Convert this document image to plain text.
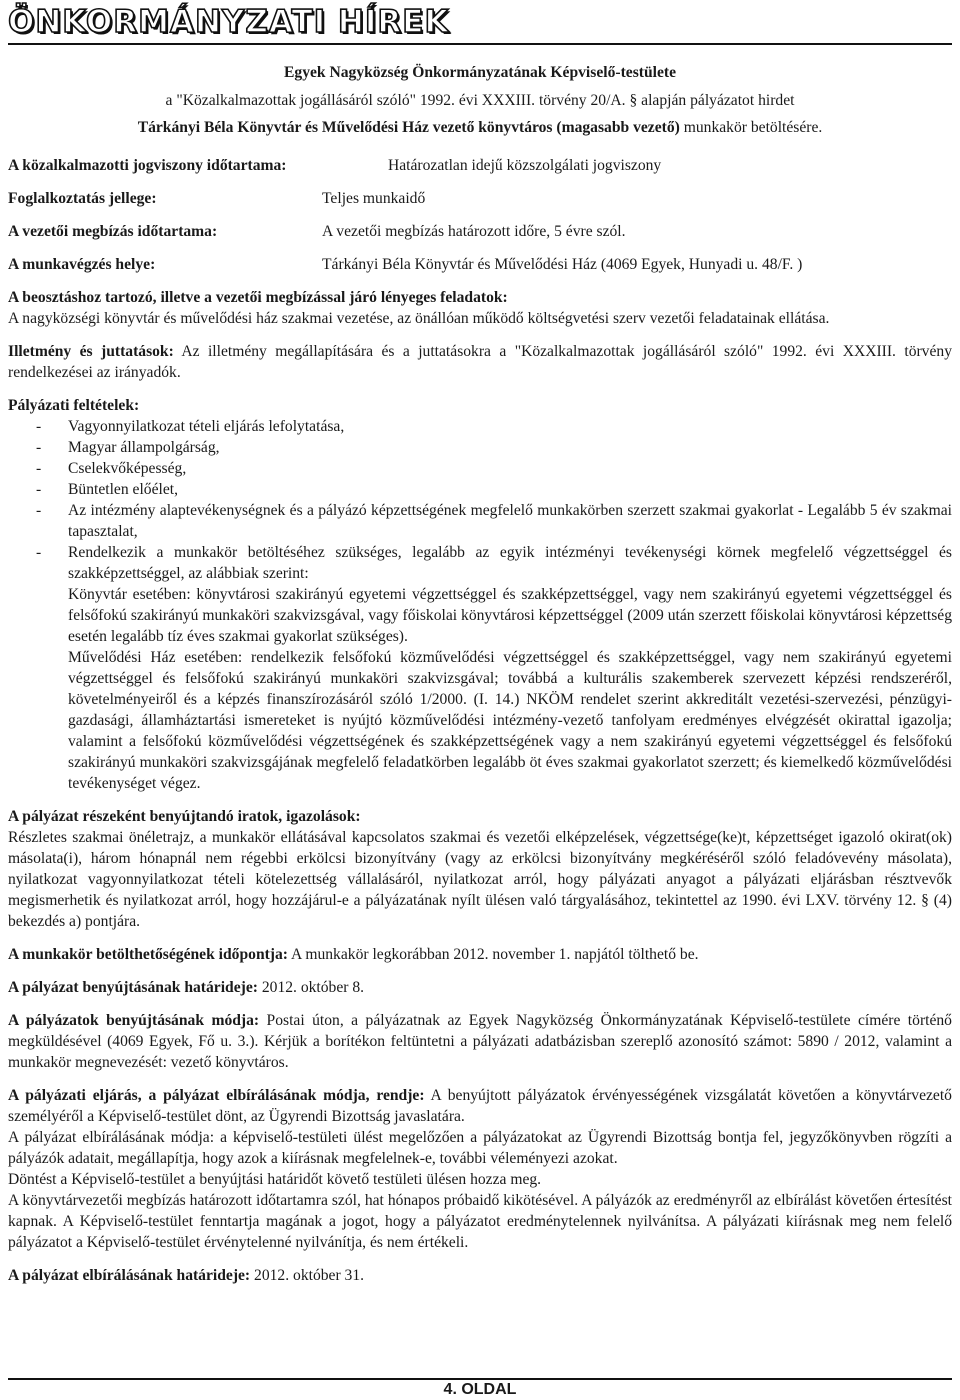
ÖNKORMÁNYZATI HÍREK

Egyek Nagyközség Önkormányzatának Képviselő-testülete

a "Közalkalmazottak jogállásáról szóló" 1992. évi XXXIII. törvény 20/A. § alapján pályázatot hirdet

Tárkányi Béla Könyvtár és Művelődési Ház vezető könyvtáros (magasabb vezető) munkakör betöltésére.

A közalkalmazotti jogviszony időtartama:	Határozatlan idejű közszolgálati jogviszony
Foglalkoztatás jellege:	Teljes munkaidő
A vezetői megbízás időtartama:	A vezetői megbízás határozott időre, 5 évre szól.
A munkavégzés helye:	Tárkányi Béla Könyvtár és Művelődési Ház (4069 Egyek, Hunyadi u. 48/F. )

A beosztáshoz tartozó, illetve a vezetői megbízással járó lényeges feladatok:

A nagyközségi könyvtár és művelődési ház szakmai vezetése, az önállóan működő költségvetési szerv vezetői feladatainak ellátása.

Illetmény és juttatások: Az illetmény megállapítására és a juttatásokra a "Közalkalmazottak jogállásáról szóló" 1992. évi XXXIII. törvény rendelkezései az irányadók.

Pályázati feltételek:

- Vagyonnyilatkozat tételi eljárás lefolytatása,
- Magyar állampolgárság,
- Cselekvőképesség,
- Büntetlen előélet,
- Az intézmény alaptevékenységnek és a pályázó képzettségének megfelelő munkakörben szerzett szakmai gyakorlat - Legalább 5 év szakmai tapasztalat,
- Rendelkezik a munkakör betöltéséhez szükséges, legalább az egyik intézményi tevékenységi körnek megfelelő végzettséggel és szakképzettséggel, az alábbiak szerint:

Könyvtár esetében: könyvtárosi szakirányú egyetemi végzettséggel és szakképzettséggel, vagy nem szakirányú egyetemi végzettséggel és felsőfokú szakirányú munkaköri szakvizsgával, vagy főiskolai könyvtárosi képzettséggel (2009 után szerzett főiskolai könyvtárosi képzettség esetén legalább tíz éves szakmai gyakorlat szükséges).

Művelődési Ház esetében: rendelkezik felsőfokú közművelődési végzettséggel és szakképzettséggel, vagy nem szakirányú egyetemi végzettséggel és felsőfokú szakirányú munkaköri szakvizsgával; továbbá a kulturális szakemberek szervezett képzési rendszeréről, követelményeiről és a képzés finanszírozásáról szóló 1/2000. (I. 14.) NKÖM rendelet szerint akkreditált vezetési-szervezési, pénzügyi-gazdasági, államháztartási ismereteket is nyújtó közművelődési intézmény-vezető tanfolyam eredményes elvégzését okirattal igazolja; valamint a felsőfokú közművelődési végzettségének és szakképzettségének vagy a nem szakirányú egyetemi végzettséggel és felsőfokú szakirányú munkaköri szakvizsgájának megfelelő feladatkörben legalább öt éves szakmai gyakorlatot szerzett; és kiemelkedő közművelődési tevékenységet végez.

A pályázat részeként benyújtandó iratok, igazolások:

Részletes szakmai önéletrajz, a munkakör ellátásával kapcsolatos szakmai és vezetői elképzelések, végzettsége(ke)t, képzettséget igazoló okirat(ok) másolata(i), három hónapnál nem régebbi erkölcsi bizonyítvány (vagy az erkölcsi bizonyítvány megkéréséről szóló feladóvevény másolata), nyilatkozat vagyonnyilatkozat tételi kötelezettség vállalásáról, nyilatkozat arról, hogy pályázati anyagot a pályázati eljárásban résztvevők megismerhetik és nyilatkozat arról, hogy hozzájárul-e a pályázatának nyílt ülésen való tárgyalásához, tekintettel az 1990. évi LXV. törvény 12. § (4) bekezdés a) pontjára.

A munkakör betölthetőségének időpontja: A munkakör legkorábban 2012. november 1. napjától tölthető be.
A pályázat benyújtásának határideje: 2012. október 8.
A pályázatok benyújtásának módja: Postai úton, a pályázatnak az Egyek Nagyközség Önkormányzatának Képviselő-testülete címére történő megküldésével (4069 Egyek, Fő u. 3.). Kérjük a borítékon feltüntetni a pályázati adatbázisban szereplő azonosító számot: 5890 / 2012, valamint a munkakör megnevezését: vezető könyvtáros.

A pályázati eljárás, a pályázat elbírálásának módja, rendje: A benyújtott pályázatok érvényességének vizsgálatát követően a könyvtárvezető személyéről a Képviselő-testület dönt, az Ügyrendi Bizottság javaslatára.

A pályázat elbírálásának módja: a képviselő-testületi ülést megelőzően a pályázatokat az Ügyrendi Bizottság bontja fel, jegyzőkönyvben rögzíti a pályázók adatait, megállapítja, hogy azok a kiírásnak megfelelnek-e, további véleményezi azokat.

Döntést a Képviselő-testület a benyújtási határidőt követő testületi ülésen hozza meg.

A könyvtárvezetői megbízás határozott időtartamra szól, hat hónapos próbaidő kikötésével. A pályázók az eredményről az elbírálást követően értesítést kapnak. A Képviselő-testület fenntartja magának a jogot, hogy a pályázatot eredménytelennek nyilvánítsa. A pályázati kiírásnak meg nem felelő pályázatot a Képviselő-testület érvénytelenné nyilvánítja, és nem értékeli.

A pályázat elbírálásának határideje: 2012. október 31.
4. OLDAL
